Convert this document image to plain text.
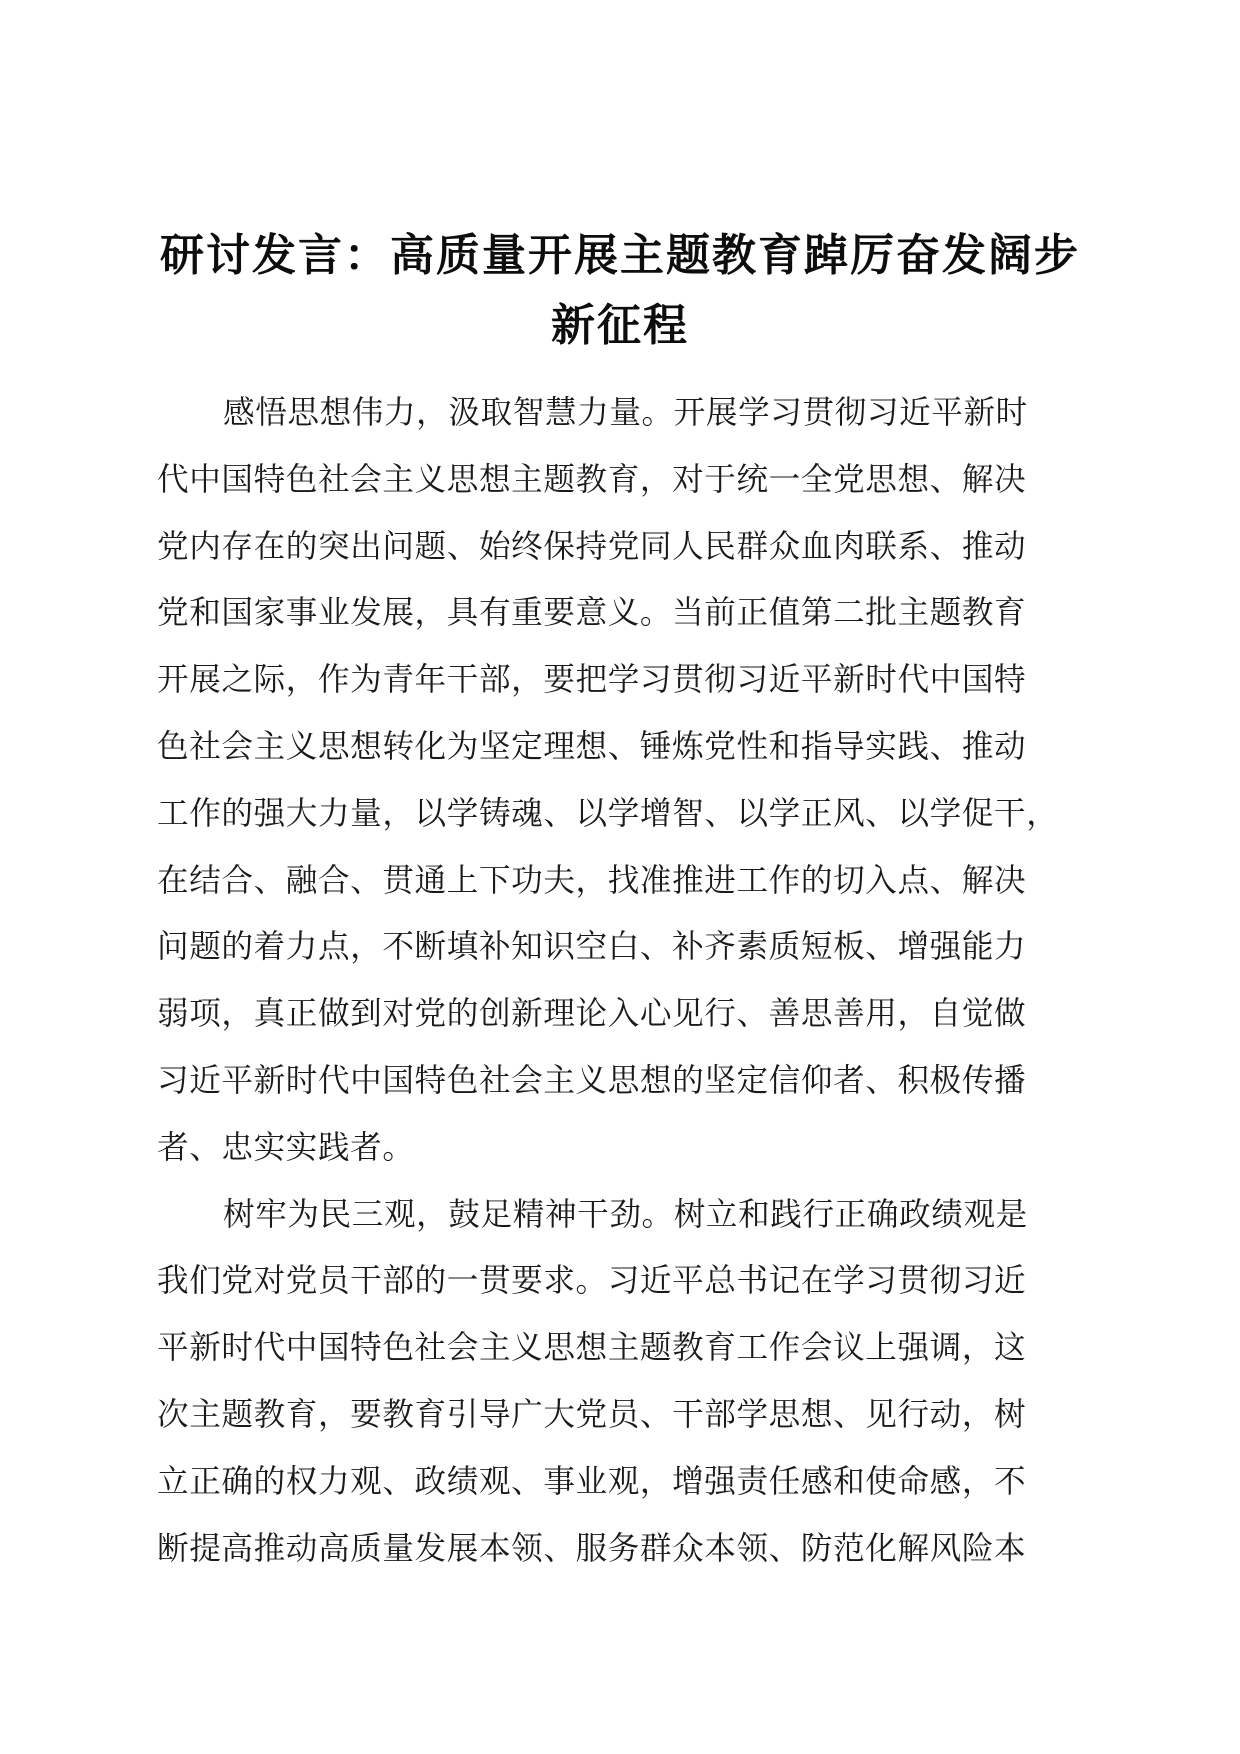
研讨发言：高质量开展主题教育踔厉奋发阔步
新征程

感悟思想伟力，汲取智慧力量。开展学习贯彻习近平新时
代中国特色社会主义思想主题教育，对于统一全党思想、解决
党内存在的突出问题、始终保持党同人民群众血肉联系、推动
党和国家事业发展，具有重要意义。当前正值第二批主题教育
开展之际，作为青年干部，要把学习贯彻习近平新时代中国特
色社会主义思想转化为坚定理想、锤炼党性和指导实践、推动
工作的强大力量，以学铸魂、以学增智、以学正风、以学促干，
在结合、融合、贯通上下功夫，找准推进工作的切入点、解决
问题的着力点，不断填补知识空白、补齐素质短板、增强能力
弱项，真正做到对党的创新理论入心见行、善思善用，自觉做
习近平新时代中国特色社会主义思想的坚定信仰者、积极传播
者、忠实实践者。

树牢为民三观，鼓足精神干劲。树立和践行正确政绩观是
我们党对党员干部的一贯要求。习近平总书记在学习贯彻习近
平新时代中国特色社会主义思想主题教育工作会议上强调，这
次主题教育，要教育引导广大党员、干部学思想、见行动，树
立正确的权力观、政绩观、事业观，增强责任感和使命感，不
断提高推动高质量发展本领、服务群众本领、防范化解风险本
